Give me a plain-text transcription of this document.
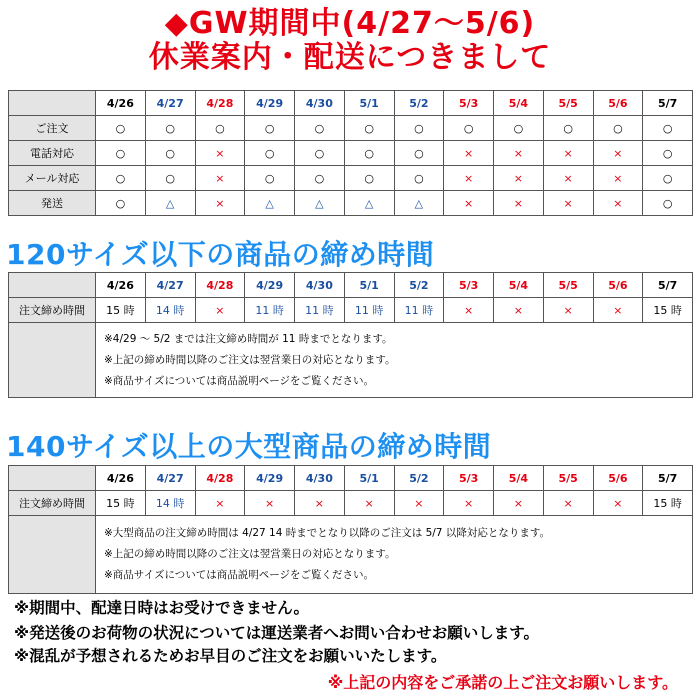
◆GW期間中(4/27〜5/6)
休業案内・配送につきまして
	4/26	4/27	4/28	4/29	4/30	5/1	5/2	5/3	5/4	5/5	5/6	5/7
ご注文	○	○	○	○	○	○	○	○	○	○	○	○
電話対応	○	○	×	○	○	○	○	×	×	×	×	○
メール対応	○	○	×	○	○	○	○	×	×	×	×	○
発送	○	△	×	△	△	△	△	×	×	×	×	○
120サイズ以下の商品の締め時間
	4/26	4/27	4/28	4/29	4/30	5/1	5/2	5/3	5/4	5/5	5/6	5/7
注文締め時間	15 時	14 時	×	11 時	11 時	11 時	11 時	×	×	×	×	15 時

	※4/29 〜 5/2 までは注文締め時間が 11 時までとなります。
※上記の締め時間以降のご注文は翌営業日の対応となります。
※商品サイズについては商品説明ページをご覧ください。											
140サイズ以上の大型商品の締め時間
	4/26	4/27	4/28	4/29	4/30	5/1	5/2	5/3	5/4	5/5	5/6	5/7
注文締め時間	15 時	14 時	×	×	×	×	×	×	×	×	×	15 時

	※大型商品の注文締め時間は 4/27 14 時までとなり以降のご注文は 5/7 以降対応となります。
※上記の締め時間以降のご注文は翌営業日の対応となります。
※商品サイズについては商品説明ページをご覧ください。											
※期間中、配達日時はお受けできません。
※発送後のお荷物の状況については運送業者へお問い合わせお願いします。
※混乱が予想されるためお早目のご注文をお願いいたします。
※上記の内容をご承諾の上ご注文お願いします。
